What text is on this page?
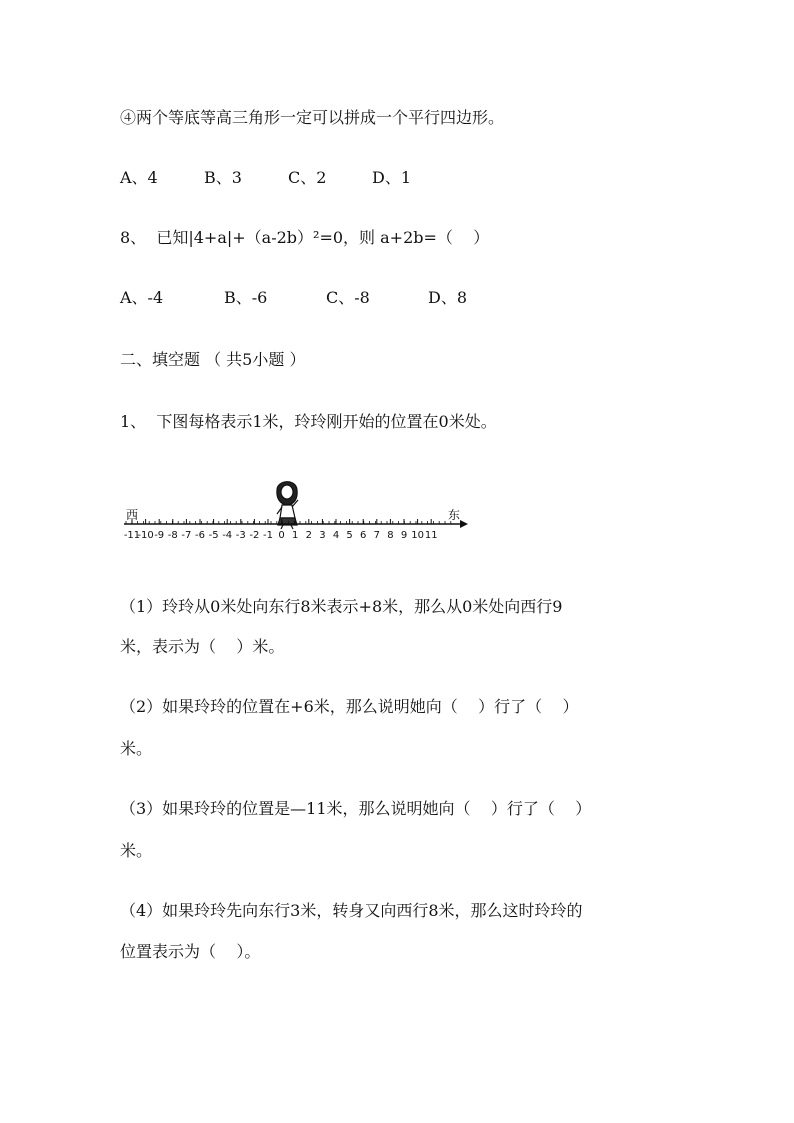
④两个等底等高三角形一定可以拼成一个平行四边形。
A、4	B、3	C、2	D、1
8、  已知|4+a|+（a-2b）²=0，则 a+2b=（    ）
A、-4	B、-6	C、-8	D、8
二、填空题 （ 共5小题 ）
1、  下图每格表示1米，玲玲刚开始的位置在0米处。
西	东
-11
-10 -9 -8 -7 -6 -5 -4 -3 -2 -1 0 1 2 3 4 5 6 7 8 9 10 11
（1）玲玲从0米处向东行8米表示+8米，那么从0米处向西行9
米，表示为（    ）米。
（2）如果玲玲的位置在+6米，那么说明她向（    ）行了（    ）
米。
（3）如果玲玲的位置是—11米，那么说明她向（    ）行了（    ）
米。
（4）如果玲玲先向东行3米，转身又向西行8米，那么这时玲玲的
位置表示为（    ）。
